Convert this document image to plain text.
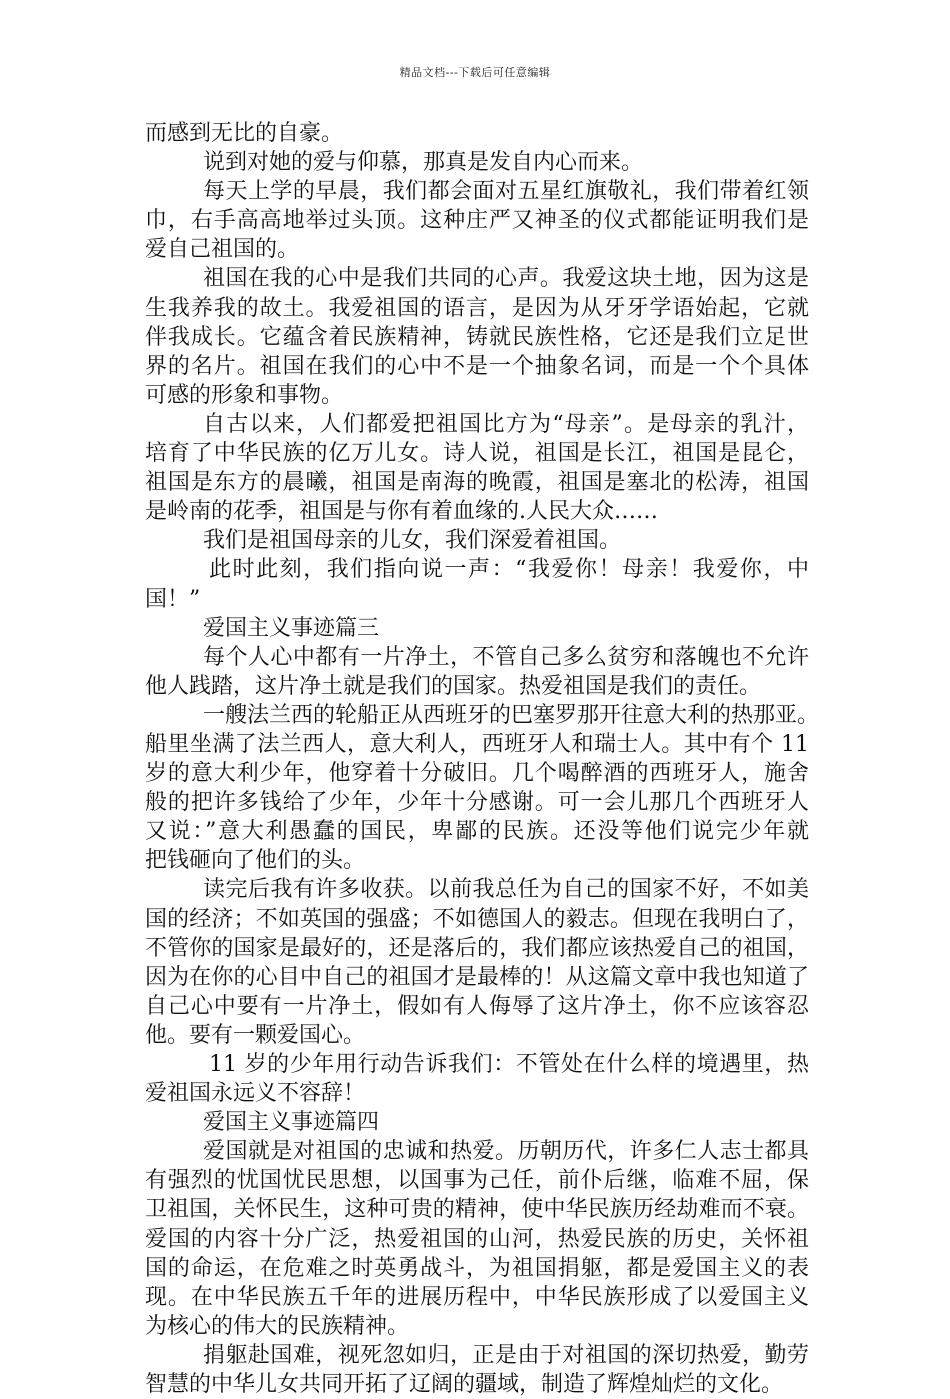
精品文档---下载后可任意编辑
而感到无比的自豪。
说到对她的爱与仰慕，那真是发自内心而来。
每天上学的早晨，我们都会面对五星红旗敬礼，我们带着红领
巾，右手高高地举过头顶。这种庄严又神圣的仪式都能证明我们是
爱自己祖国的。
祖国在我的心中是我们共同的心声。我爱这块土地，因为这是
生我养我的故土。我爱祖国的语言，是因为从牙牙学语始起，它就
伴我成长。它蕴含着民族精神，铸就民族性格，它还是我们立足世
界的名片。祖国在我们的心中不是一个抽象名词，而是一个个具体
可感的形象和事物。
自古以来，人们都爱把祖国比方为“母亲”。是母亲的乳汁，
培育了中华民族的亿万儿女。诗人说，祖国是长江，祖国是昆仑，
祖国是东方的晨曦，祖国是南海的晚霞，祖国是塞北的松涛，祖国
是岭南的花季，祖国是与你有着血缘的.人民大众……
我们是祖国母亲的儿女，我们深爱着祖国。
此时此刻，我们指向说一声：“我爱你！母亲！我爱你，中
国！”
爱国主义事迹篇三
每个人心中都有一片净土，不管自己多么贫穷和落魄也不允许
他人践踏，这片净土就是我们的国家。热爱祖国是我们的责任。
一艘法兰西的轮船正从西班牙的巴塞罗那开往意大利的热那亚。
船里坐满了法兰西人，意大利人，西班牙人和瑞士人。其中有个 11
岁的意大利少年，他穿着十分破旧。几个喝醉酒的西班牙人，施舍
般的把许多钱给了少年，少年十分感谢。可一会儿那几个西班牙人
又说：”意大利愚蠢的国民，卑鄙的民族。还没等他们说完少年就
把钱砸向了他们的头。
读完后我有许多收获。以前我总任为自己的国家不好，不如美
国的经济；不如英国的强盛；不如德国人的毅志。但现在我明白了，
不管你的国家是最好的，还是落后的，我们都应该热爱自己的祖国，
因为在你的心目中自己的祖国才是最棒的！从这篇文章中我也知道了
自己心中要有一片净土，假如有人侮辱了这片净土，你不应该容忍
他。要有一颗爱国心。
11 岁的少年用行动告诉我们：不管处在什么样的境遇里，热
爱祖国永远义不容辞！
爱国主义事迹篇四
爱国就是对祖国的忠诚和热爱。历朝历代，许多仁人志士都具
有强烈的忧国忧民思想，以国事为己任，前仆后继，临难不屈，保
卫祖国，关怀民生，这种可贵的精神，使中华民族历经劫难而不衰。
爱国的内容十分广泛，热爱祖国的山河，热爱民族的历史，关怀祖
国的命运，在危难之时英勇战斗，为祖国捐躯，都是爱国主义的表
现。在中华民族五千年的进展历程中，中华民族形成了以爱国主义
为核心的伟大的民族精神。
捐躯赴国难，视死忽如归，正是由于对祖国的深切热爱，勤劳
智慧的中华儿女共同开拓了辽阔的疆域，制造了辉煌灿烂的文化。
